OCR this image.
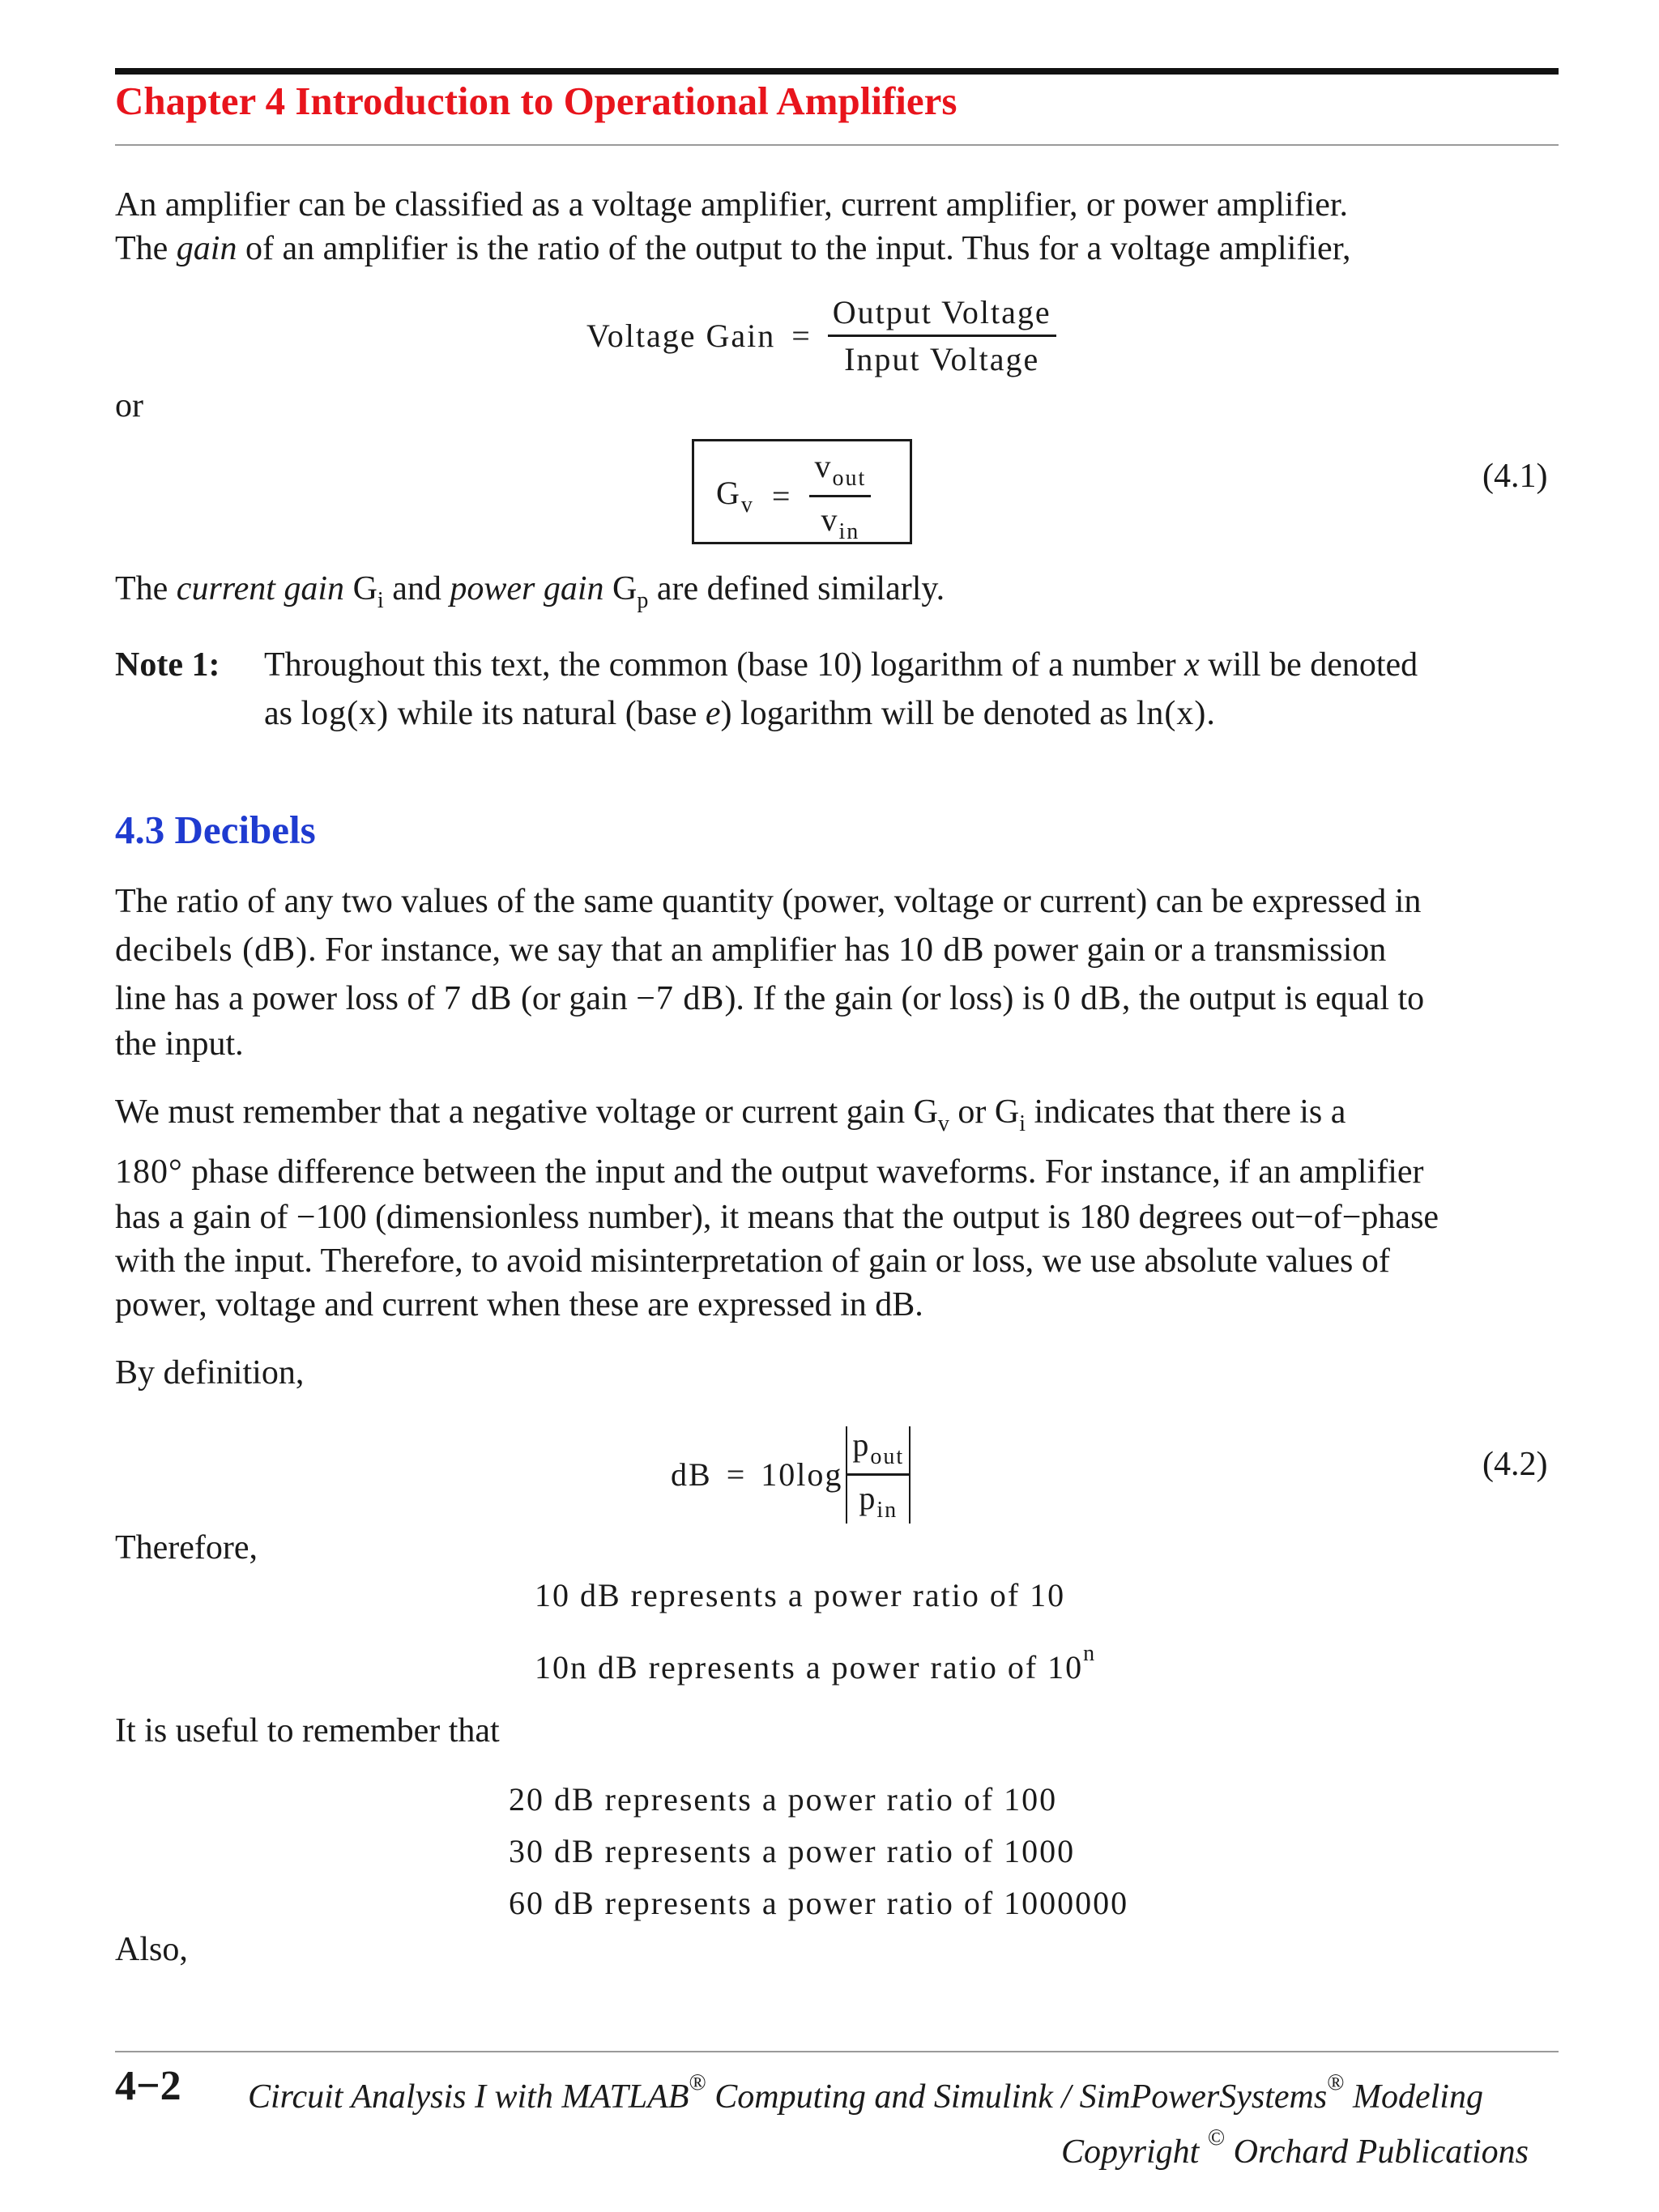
Chapter 4 Introduction to Operational Amplifiers
An amplifier can be classified as a voltage amplifier, current amplifier, or power amplifier.
The gain of an amplifier is the ratio of the output to the input. Thus for a voltage amplifier,
Voltage Gain = $\frac{\text{Output Voltage}}{\text{Input Voltage}}$
or
$G_v = \frac{v_{out}}{v_{in}}$	(4.1)
The current gain $G_i$ and power gain $G_p$ are defined similarly.
Note 1: Throughout this text, the common (base 10) logarithm of a number x will be denoted
as log(x) while its natural (base e) logarithm will be denoted as ln(x).
4.3 Decibels
The ratio of any two values of the same quantity (power, voltage or current) can be expressed in
decibels (dB). For instance, we say that an amplifier has 10 dB power gain or a transmission
line has a power loss of 7 dB (or gain −7 dB). If the gain (or loss) is 0 dB, the output is equal to
the input.
We must remember that a negative voltage or current gain $G_v$ or $G_i$ indicates that there is a
180° phase difference between the input and the output waveforms. For instance, if an amplifier
has a gain of −100 (dimensionless number), it means that the output is 180 degrees out−of−phase
with the input. Therefore, to avoid misinterpretation of gain or loss, we use absolute values of
power, voltage and current when these are expressed in dB.
By definition,
dB = $10\log \frac{p_{out}}{p_{in}}$	(4.2)
Therefore,
10 dB represents a power ratio of 10
10n dB represents a power ratio of 10$^n$
It is useful to remember that
20 dB represents a power ratio of 100
30 dB represents a power ratio of 1000
60 dB represents a power ratio of 1000000
Also,
4−2 Circuit Analysis I with MATLAB® Computing and Simulink / SimPowerSystems® Modeling
Copyright © Orchard Publications
